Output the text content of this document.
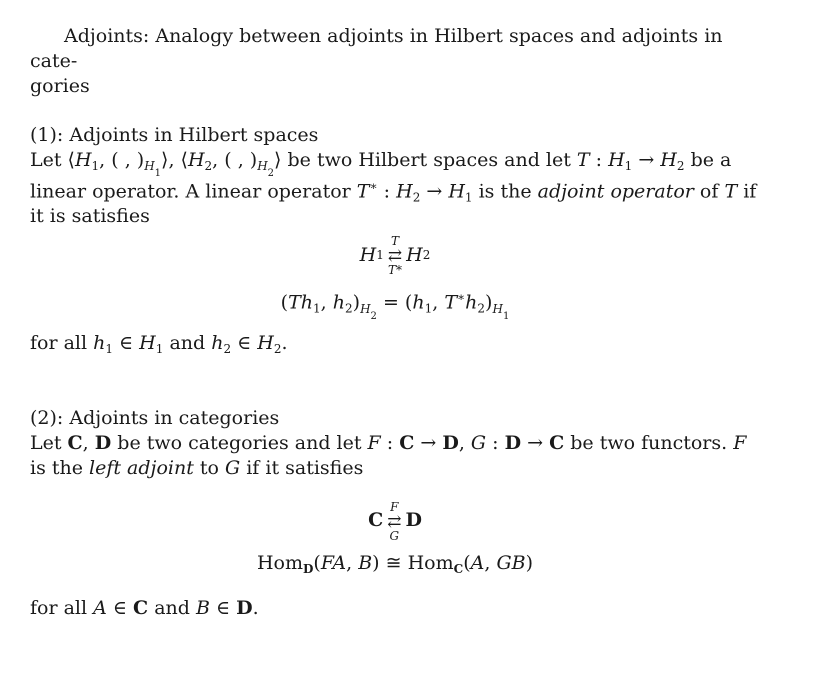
Adjoints: Analogy between adjoints in Hilbert spaces and adjoints in cate-
gories

(1): Adjoints in Hilbert spaces

Let $⟨H_1$, ( , )$_{H_1}⟩$, $⟨H_2$, ( , )$_{H_2}⟩$ be two Hilbert spaces and let T : $H_1 \to H_2$ be a linear operator. A linear operator T∗ : $H_2 \to H_1$ is the adjoint operator of T if it is satisfies

H 1
T
⇄
T*
H 2

($Th_1$, $h_2)_{H_2} = (h_1$, $T^∗h_2)_{H_1}$

for all $h_1$ ∈ $H_1$ and $h_2$ ∈ $H_2$.

(2): Adjoints in categories

Let C, D be two categories and let F : C → D, G : D → C be two functors. F is the left adjoint to G if it satisfies

C
F
⇄
G
D

Hom$_D$(FA, B) ≅ Hom$_C$(A, GB)

for all A ∈ C and B ∈ D.
